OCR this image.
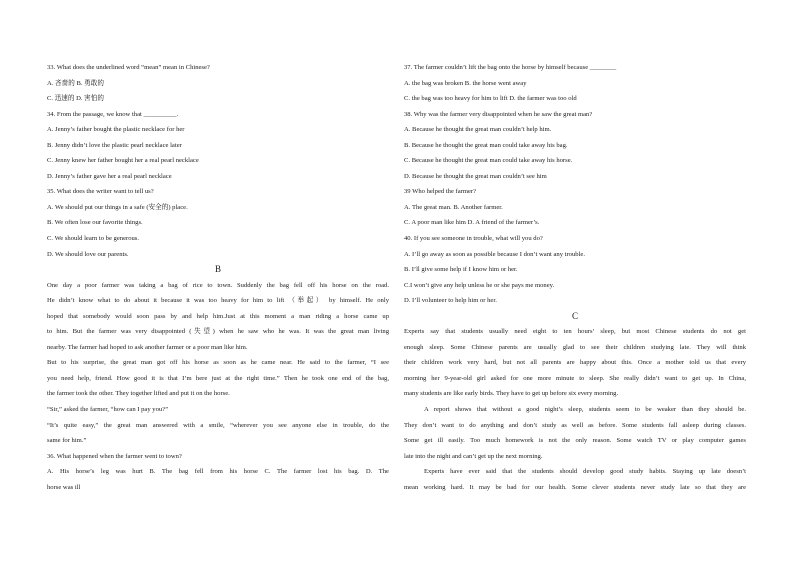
33. What does the underlined word “mean” mean in Chinese?
A. 吝啬的 B. 勇敢的
C. 迅速的 D. 害怕的
34. From the passage, we know that __________.
A. Jenny’s father bought the plastic necklace for her
B. Jenny didn’t love the plastic pearl necklace later
C. Jenny knew her father bought her a real pearl necklace
D. Jenny’s father gave her a real pearl necklace
35. What does the writer want to tell us?
A. We should put our things in a safe (安全的) place.
B. We often lose our favorite things.
C. We should learn to be generous.
D. We should love our parents.
B
One day a poor farmer was taking a bag of rice to town. Suddenly the bag fell off his horse on the road.
He didn’t know what to do about it because it was too heavy for him to lift （举起） by himself. He only
hoped that somebody would soon pass by and help him.Just at this moment a man riding a horse came up
to him. But the farmer was very disappointed (失望) when he saw who he was. It was the great man living
nearby. The farmer had hoped to ask another farmer or a poor man like him.
But to his surprise, the great man got off his horse as soon as he came near. He said to the farmer, “I see
you need help, friend. How good it is that I’m here just at the right time.” Then he took one end of the bag,
the farmer took the other. They together lifted and put it on the horse.
“Sir,” asked the farmer, “how can I pay you?”
“It’s quite easy,” the great man answered with a smile, “wherever you see anyone else in trouble, do the
same for him.”
36. What happened when the farmer went to town?
A. His horse’s leg was hurt B. The bag fell from his horse C. The farmer lost his bag. D. The
horse was ill
37. The farmer couldn’t lift the bag onto the horse by himself because ________
A. the bag was broken B. the horse went away
C. the bag was too heavy for him to lift D. the farmer was too old
38. Why was the farmer very disappointed when he saw the great man?
A. Because he thought the great man couldn’t help him.
B. Because he thought the great man could take away his bag.
C. Because he thought the great man could take away his horse.
D. Because he thought the great man couldn’t see him
39 Who helped the farmer?
A. The great man. B. Another farmer.
C. A poor man like him D. A friend of the farmer’s.
40. If you see someone in trouble, what will you do?
A. I’ll go away as soon as possible because I don’t want any trouble.
B. I’ll give some help if I know him or her.
C.I won’t give any help unless he or she pays me money.
D. I’ll volunteer to help him or her.
C
Experts say that students usually need eight to ten hours’ sleep, but most Chinese students do not get
enough sleep. Some Chinese parents are usually glad to see their children studying late. They will think
their children work very hard, but not all parents are happy about this. Once a mother told us that every
morning her 9-year-old girl asked for one more minute to sleep. She really didn’t want to get up. In China,
many students are like early birds. They have to get up before six every morning.
A report shows that without a good night’s sleep, students seem to be weaker than they should be.
They don’t want to do anything and don’t study as well as before. Some students fall asleep during classes.
Some get ill easily. Too much homework is not the only reason. Some watch TV or play computer games
late into the night and can’t get up the next morning.
Experts have ever said that the students should develop good study habits. Staying up late doesn’t
mean working hard. It may be bad for our health. Some clever students never study late so that they are
